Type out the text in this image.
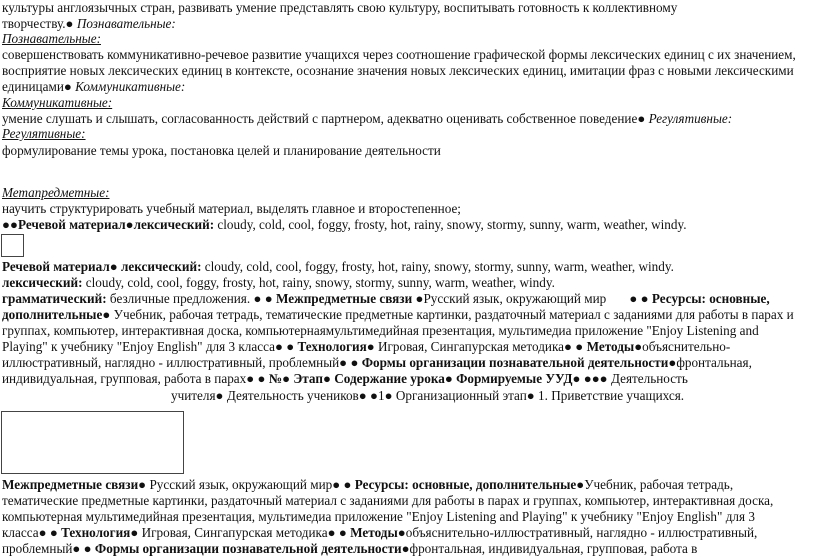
культуры англоязычных стран, развивать умение представлять свою культуру, воспитывать готовность к коллективному
творчеству.● Познавательные:
Познавательные:
совершенствовать коммуникативно-речевое развитие учащихся через соотношение графической формы лексических единиц с их значением,
восприятие новых лексических единиц в контексте, осознание значения новых лексических единиц, имитации фраз с новыми лексическими
единицами● Коммуникативные:
Коммуникативные:
умение слушать и слышать, согласованность действий с партнером, адекватно оценивать собственное поведение● Регулятивные:
Регулятивные:
формулирование темы урока, постановка целей и планирование деятельности
Метапредметные:
научить структурировать учебный материал, выделять главное и второстепенное;
●●Речевой материал●лексический: cloudy, cold, cool, foggy, frosty, hot, rainy, snowy, stormy, sunny, warm, weather, windy.
Речевой материал● лексический: cloudy, cold, cool, foggy, frosty, hot, rainy, snowy, stormy, sunny, warm, weather, windy.
лексический: cloudy, cold, cool, foggy, frosty, hot, rainy, snowy, stormy, sunny, warm, weather, windy.
грамматический: безличные предложения. ● ● Межпредметные связи ●Русский язык, окружающий мир ● ● Ресурсы: основные,
дополнительные● Учебник, рабочая тетрадь, тематические предметные картинки, раздаточный материал с заданиями для работы в парах и
группах, компьютер, интерактивная доска, компьютернаямультимедийная презентация, мультимедиа приложение "Enjoy Listening and
Playing" к учебнику "Enjoy English" для 3 класса● ● Технология● Игровая, Сингапурская методика● ● Методы●объяснительно-
иллюстративный, наглядно - иллюстративный, проблемный● ● Формы организации познавательной деятельности●фронтальная,
индивидуальная, групповая, работа в парах● ● №● Этап● Содержание урока● Формируемые УУД● ●●● Деятельность
учителя● Деятельность учеников● ●1● Организационный этап● 1. Приветствие учащихся.
Межпредметные связи● Русский язык, окружающий мир● ● Ресурсы: основные, дополнительные●Учебник, рабочая тетрадь,
тематические предметные картинки, раздаточный материал с заданиями для работы в парах и группах, компьютер, интерактивная доска,
компьютерная мультимедийная презентация, мультимедиа приложение "Enjoy Listening and Playing" к учебнику "Enjoy English" для 3
класса● ● Технология● Игровая, Сингапурская методика● ● Методы●объяснительно-иллюстративный, наглядно - иллюстративный,
проблемный● ● Формы организации познавательной деятельности●фронтальная, индивидуальная, групповая, работа в
